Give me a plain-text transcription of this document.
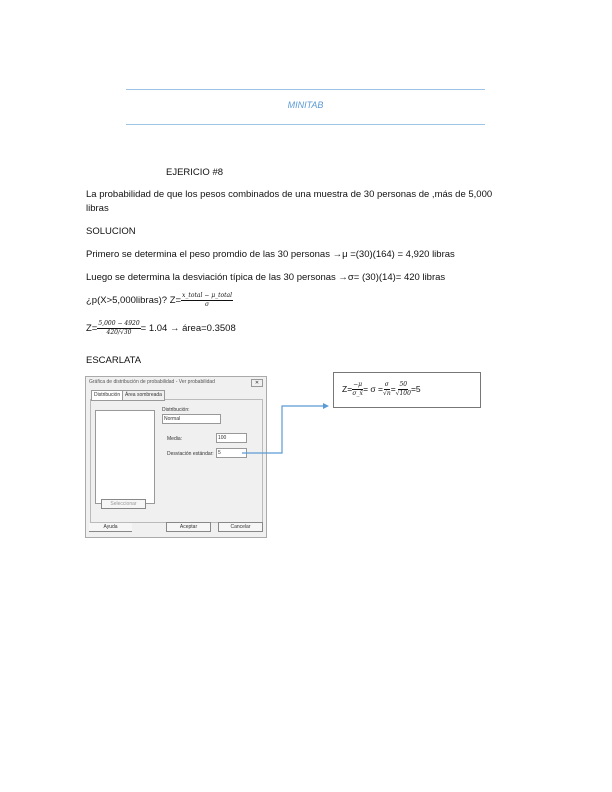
MINITAB
EJERICIO #8
La probabilidad de que los pesos combinados de una muestra de 30 personas de ,más de 5,000
libras
SOLUCION
Primero se determina el peso promdio de las 30 personas →μ =(30)(164) = 4,920 libras
Luego se determina la desviación típica de las 30 personas →σ= (30)(14)= 420 libras
¿p(X>5,000libras)? $Z= \frac{\text{x\_total − μ\_total}}{\sigma}$
$Z= \frac{5,000 - 4920}{420/√30} = 1.04$ → área=0.3508
ESCARLATA
Gráfica de distribución de probabilidad - Ver probabilidad	✕
Distribución Área sombreada
Distribución:
Normal
Media:	100
Desviación estándar: 5
Seleccionar
Ayuda	Aceptar	Cancelar
$Z= \frac{-\mu}{\sigma\_x̄} = \sigma = \frac{\sigma}{√n} = \frac{50}{√100} =5$
